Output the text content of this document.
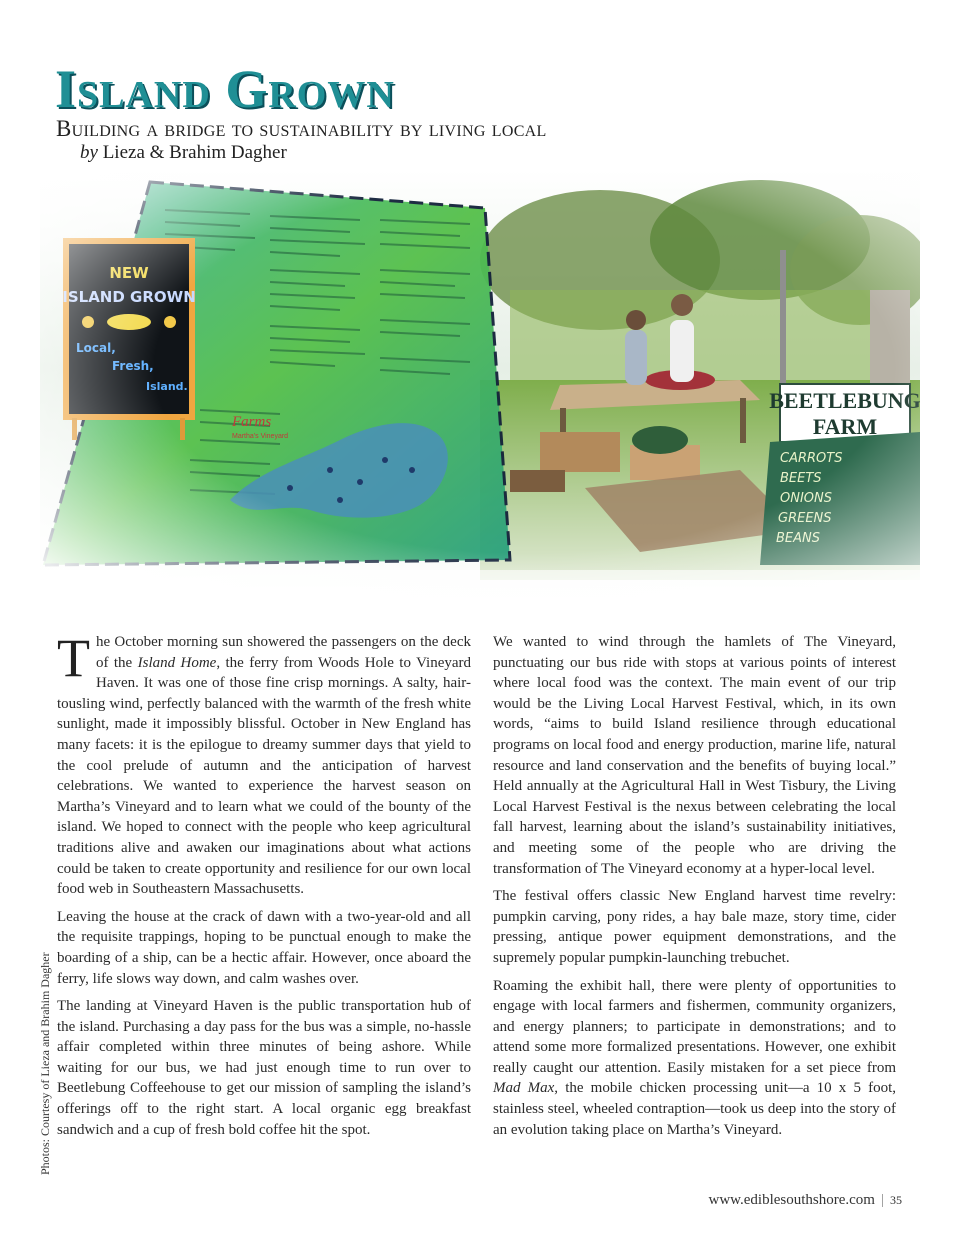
Island Grown
Building a bridge to sustainability by living local
by Lieza & Brahim Dagher
Photos: Courtesy of Lieza and Brahim Dagher

The October morning sun showered the passengers on the deck of the Island Home, the ferry from Woods Hole to Vineyard Haven. It was one of those fine crisp mornings. A salty, hair-tousling wind, perfectly balanced with the warmth of the fresh white sunlight, made it impossibly blissful. October in New England has many facets: it is the epilogue to dreamy summer days that yield to the cool prelude of autumn and the anticipation of harvest celebrations. We wanted to experience the harvest season on Martha’s Vineyard and to learn what we could of the bounty of the island. We hoped to connect with the people who keep agricultural traditions alive and awaken our imaginations about what actions could be taken to create opportunity and resilience for our own local food web in Southeastern Massachusetts.

Leaving the house at the crack of dawn with a two-year-old and all the requisite trappings, hoping to be punctual enough to make the boarding of a ship, can be a hectic affair. However, once aboard the ferry, life slows way down, and calm washes over.

The landing at Vineyard Haven is the public transportation hub of the island. Purchasing a day pass for the bus was a simple, no-hassle affair completed within three minutes of being ashore. While waiting for our bus, we had just enough time to run over to Beetlebung Coffeehouse to get our mission of sampling the island’s offerings off to the right start. A local organic egg breakfast sandwich and a cup of fresh bold coffee hit the spot.

We wanted to wind through the hamlets of The Vineyard, punctuating our bus ride with stops at various points of interest where local food was the context. The main event of our trip would be the Living Local Harvest Festival, which, in its own words, “aims to build Island resilience through educational programs on local food and energy production, marine life, natural resource and land conservation and the benefits of buying local.” Held annually at the Agricultural Hall in West Tisbury, the Living Local Harvest Festival is the nexus between celebrating the local fall harvest, learning about the island’s sustainability initiatives, and meeting some of the people who are driving the transformation of The Vineyard economy at a hyper-local level.

The festival offers classic New England harvest time revelry: pumpkin carving, pony rides, a hay bale maze, story time, cider pressing, antique power equipment demonstrations, and the supremely popular pumpkin-launching trebuchet.

Roaming the exhibit hall, there were plenty of opportunities to engage with local farmers and fishermen, community organizers, and energy planners; to participate in demonstrations; and to attend some more formalized presentations. However, one exhibit really caught our attention. Easily mistaken for a set piece from Mad Max, the mobile chicken processing unit—a 10 x 5 foot, stainless steel, wheeled contraption—took us deep into the story of an evolution taking place on Martha’s Vineyard.

www.ediblesouthshore.com | 35
